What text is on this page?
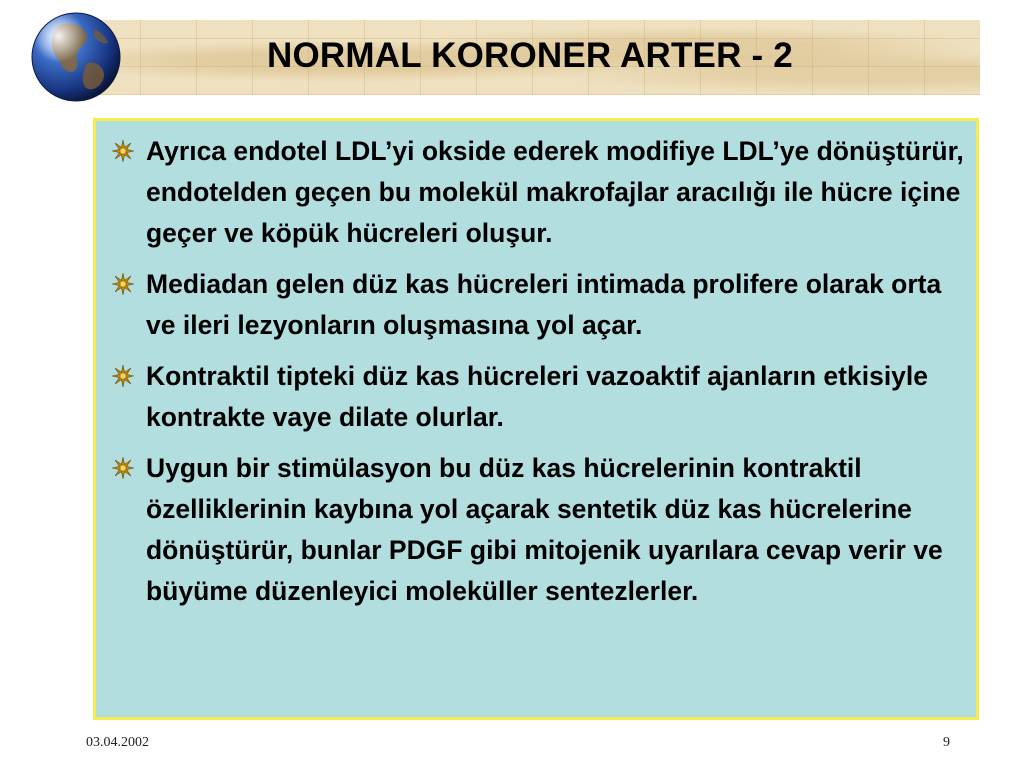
NORMAL KORONER ARTER - 2
Ayrıca endotel LDL’yi okside ederek modifiye LDL’ye dönüştürür, endotelden geçen bu molekül makrofajlar aracılığı ile hücre içine geçer ve köpük hücreleri oluşur.
Mediadan gelen düz kas hücreleri intimada prolifere olarak orta ve ileri lezyonların oluşmasına yol açar.
Kontraktil tipteki düz kas hücreleri vazoaktif ajanların etkisiyle kontrakte vaye dilate olurlar.
Uygun bir stimülasyon bu düz kas hücrelerinin kontraktil özelliklerinin kaybına yol açarak sentetik düz kas hücrelerine dönüştürür, bunlar PDGF gibi mitojenik uyarılara cevap verir ve büyüme düzenleyici moleküller sentezlerler.
03.04.2002	9
